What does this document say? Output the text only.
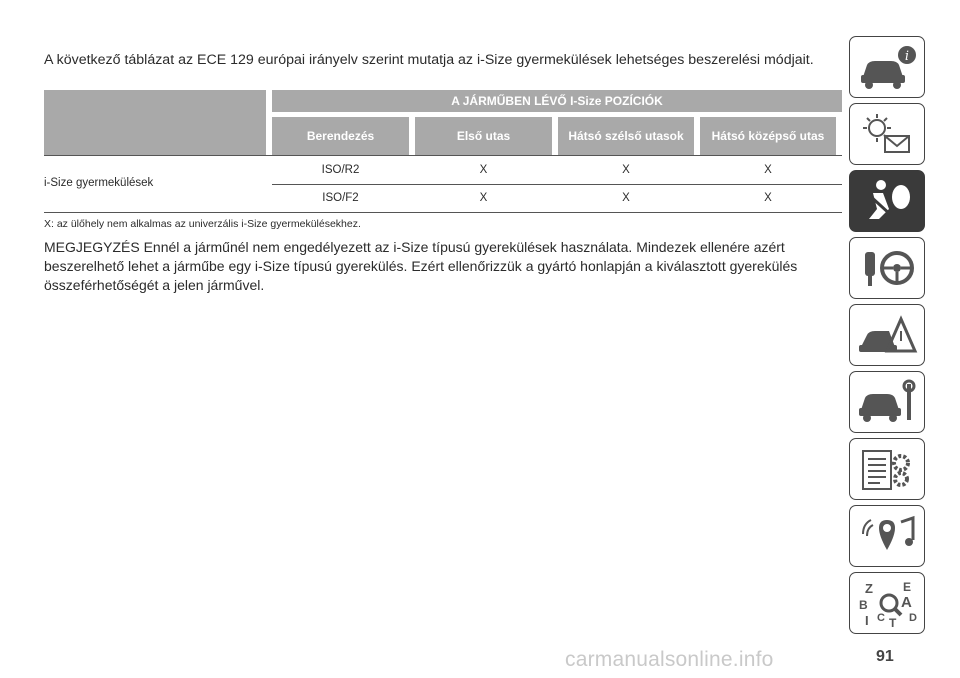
A következő táblázat az ECE 129 európai irányelv szerint mutatja az i-Size gyermekülések lehetséges beszerelési módjait.
A JÁRMŰBEN LÉVŐ I-Size POZÍCIÓK
Berendezés	Első utas	Hátsó szélső utasok	Hátsó középső utas
i-Size gyermekülések
ISO/R2	X	X	X
ISO/F2	X	X	X
X: az ülőhely nem alkalmas az univerzális i-Size gyermekülésekhez.
MEGJEGYZÉS Ennél a járműnél nem engedélyezett az i-Size típusú gyerekülések használata. Mindezek ellenére azért beszerelhető lehet a járműbe egy i-Size típusú gyerekülés. Ezért ellenőrizzük a gyártó honlapján a kiválasztott gyerekülés összeférhetőségét a jelen járművel.
i
Z	E
B A
I C T D
91
carmanualsonline.info
